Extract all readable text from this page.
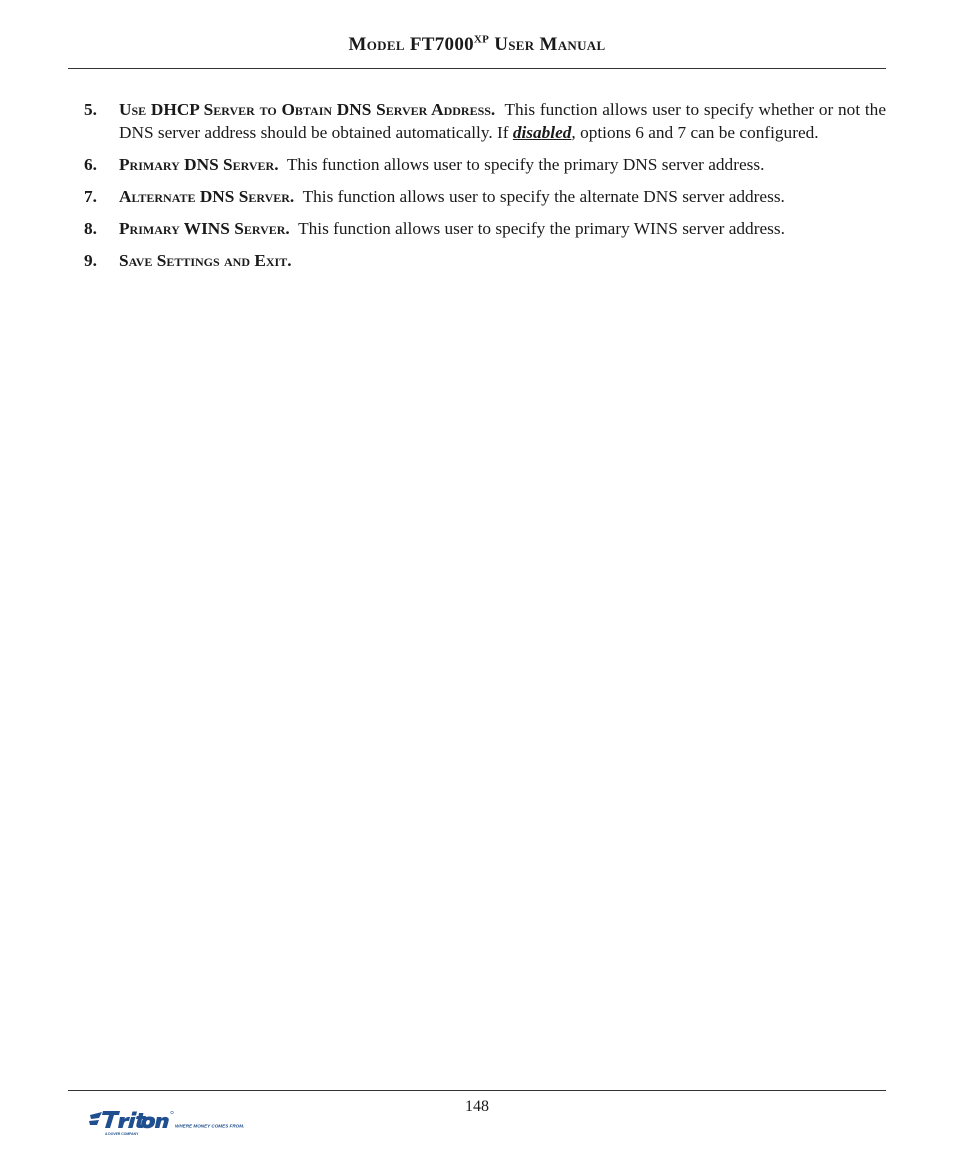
Model $FT7000^{XP}$ User Manual
5.	Use DHCP Server to Obtain DNS Server Address. This function allows user to specify whether or not the DNS server address should be obtained automatically. If disabled, options 6 and 7 can be configured.
6.	Primary DNS Server. This function allows user to specify the primary DNS server address.
7.	Alternate DNS Server. This function allows user to specify the alternate DNS server address.
8.	Primary WINS Server. This function allows user to specify the primary WINS server address.
9.	Save Settings and Exit.
148
WHERE MONEY COMES FROM.
A DOVER COMPANY
